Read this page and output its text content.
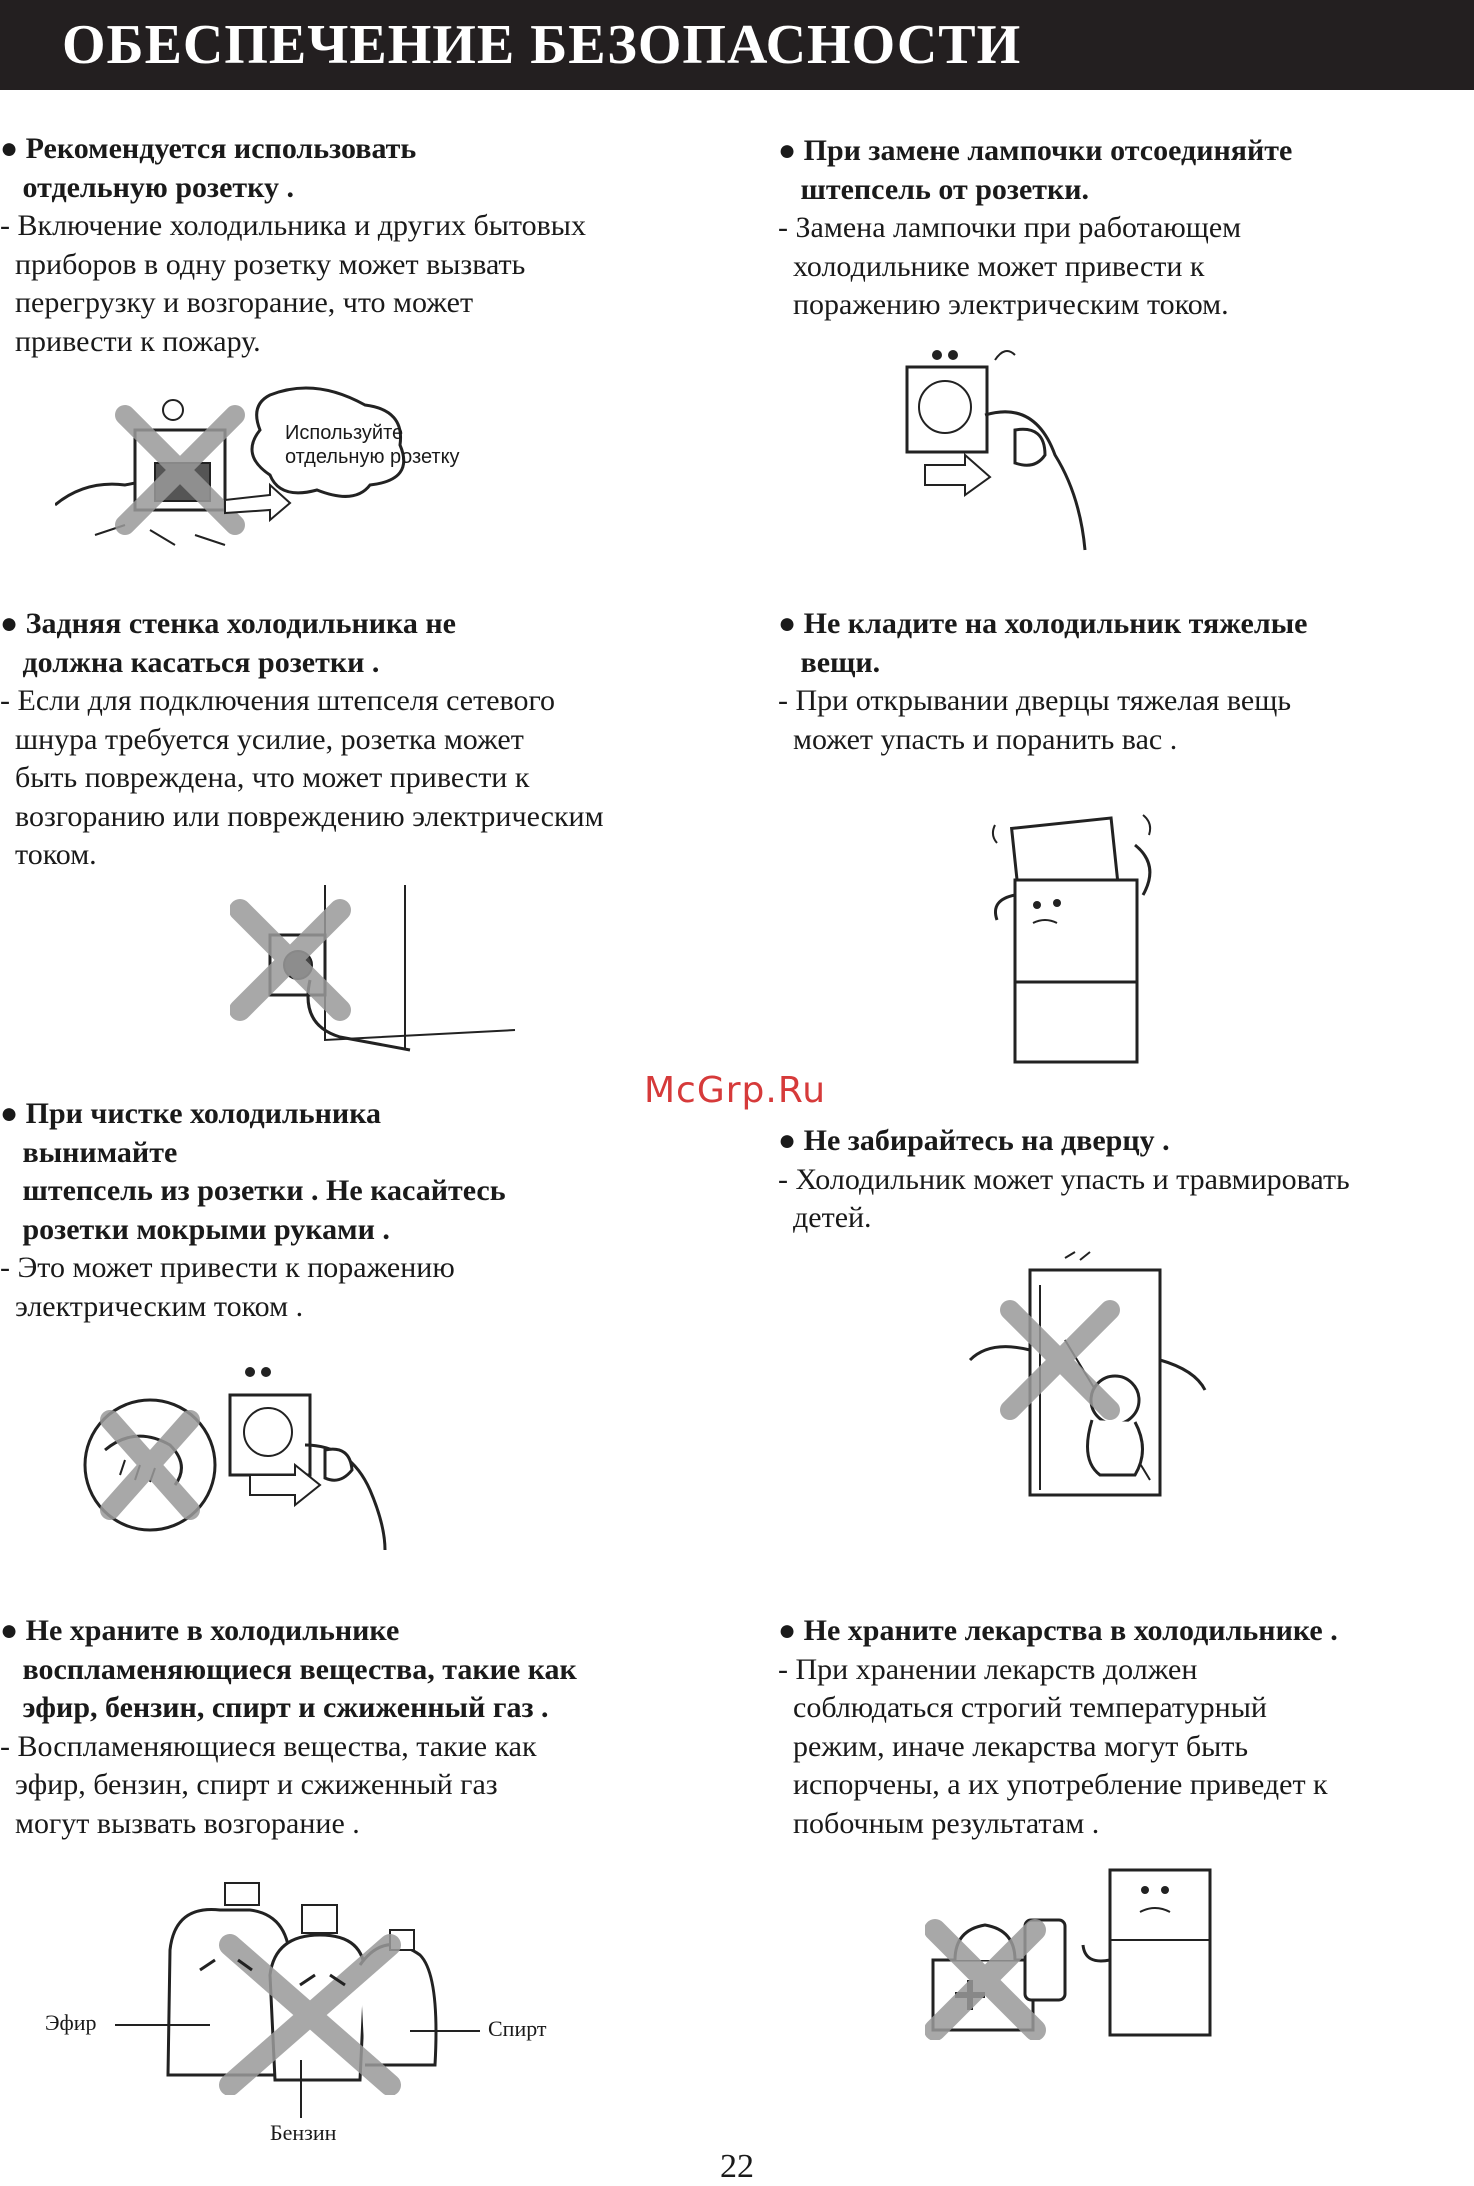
ОБЕСПЕЧЕНИЕ БЕЗОПАСНОСТИ
● Рекомендуется использовать
отдельную розетку .
- Включение холодильника и других бытовых
приборов в одну розетку может вызвать
перегрузку и возгорание, что может
привести к пожару.
Используйте
отдельную розетку
● При замене лампочки отсоединяйте
штепсель от розетки.
- Замена лампочки при работающем
холодильнике может привести к
поражению электрическим током.
● Задняя стенка холодильника не
должна касаться розетки .
- Если для подключения штепселя сетевого
шнура требуется усилие, розетка может
быть повреждена, что может привести к
возгоранию или повреждению электрическим
током.
● Не кладите на холодильник тяжелые
вещи.
- При открывании дверцы тяжелая вещь
может упасть и поранить вас .
● При чистке холодильника
вынимайте
штепсель из розетки . Не касайтесь
розетки мокрыми руками .
- Это может привести к поражению
электрическим током .
● Не забирайтесь на дверцу .
- Холодильник может упасть и травмировать
детей.
● Не храните в холодильнике
воспламеняющиеся вещества, такие как
эфир, бензин, спирт и сжиженный газ .
- Воспламеняющиеся вещества, такие как
эфир, бензин, спирт и сжиженный газ
могут вызвать возгорание .
Эфир	Спирт
Бензин
● Не храните лекарства в холодильнике .
- При хранении лекарств должен
соблюдаться строгий температурный
режим, иначе лекарства могут быть
испорчены, а их употребление приведет к
побочным результатам .
McGrp.Ru
22
